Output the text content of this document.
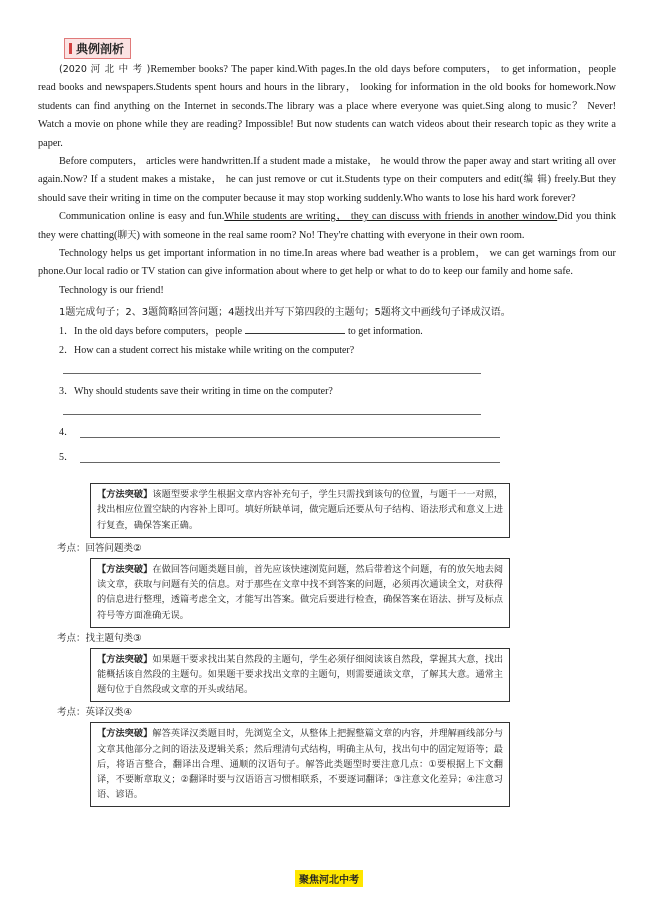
典例剖析

(2020 河 北 中 考 )Remember books? The paper kind.With pages.In the old days before computers， to get information，people read books and newspapers.Students spent hours and hours in the library， looking for information in the old books for homework.Now students can find anything on the Internet in seconds.The library was a place where everyone was quiet.Sing along to music？ Never! Watch a movie on phone while they are reading? Impossible! But now students can watch videos about their research topic as they write a paper.

Before computers， articles were handwritten.If a student made a mistake， he would throw the paper away and start writing all over again.Now? If a student makes a mistake， he can just remove or cut it.Students type on their computers and edit(编 辑) freely.But they should save their writing in time on the computer because it may stop working suddenly.Who wants to lose his hard work forever?

Communication online is easy and fun.While students are writing， they can discuss with friends in another window.Did you think they were chatting(聊天) with someone in the real same room? No! They're chatting with everyone in their own room.

Technology helps us get important information in no time.In areas where bad weather is a problem， we can get warnings from our phone.Our local radio or TV station can give information about where to get help or what to do to keep our family and home safe.

Technology is our friend!

1题完成句子；2、3题简略回答问题；4题找出并写下第四段的主题句；5题将文中画线句子译成汉语。
1．In the old days before computers，people	to get information.
2．How can a student correct his mistake while writing on the computer?
3．Why should students save their writing in time on the computer?
4．
5．
【方法突破】该题型要求学生根据文章内容补充句子，学生只需找到该句的位置，与题干一一对照，找出相应位置空缺的内容补上即可。填好所缺单词，做完题后还要从句子结构、语法形式和意义上进行复查，确保答案正确。
考点：回答问题类②
【方法突破】在做回答问题类题目前，首先应该快速浏览问题，然后带着这个问题，有的放矢地去阅读文章，获取与问题有关的信息。对于那些在文章中找不到答案的问题，必须再次通读全文，对获得的信息进行整理，透篇考虑全文，才能写出答案。做完后要进行检查，确保答案在语法、拼写及标点符号等方面准确无误。
考点：找主题句类③
【方法突破】如果题干要求找出某自然段的主题句，学生必须仔细阅读该自然段，掌握其大意，找出能概括该自然段的主题句。如果题干要求找出文章的主题句，则需要通读文章，了解其大意。通常主题句位于自然段或文章的开头或结尾。
考点：英译汉类④
【方法突破】解答英译汉类题目时，先浏览全文，从整体上把握整篇文章的内容，并理解画线部分与文章其他部分之间的语法及逻辑关系；然后理清句式结构，明确主从句，找出句中的固定短语等；最后，将语言整合，翻译出合理、通顺的汉语句子。解答此类题型时要注意几点：①要根据上下文翻译，不要断章取义；②翻译时要与汉语语言习惯相联系，不要逐词翻译；③注意文化差异；④注意习语、谚语。
聚焦河北中考
